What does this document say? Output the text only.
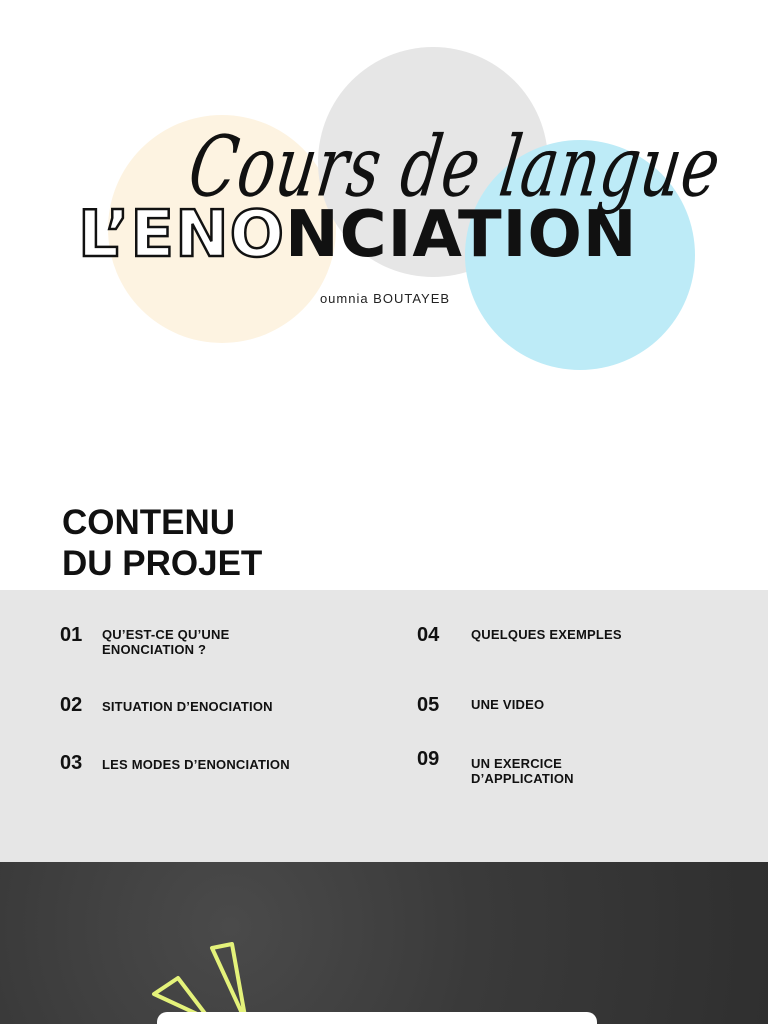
Cours de langue
L’ENONCIATION
oumnia BOUTAYEB
CONTENU
DU PROJET
01	QU’EST-CE QU’UNE
ENONCIATION ?
02	SITUATION D’ENOCIATION
03	LES MODES D’ENONCIATION
04	QUELQUES EXEMPLES
05	UNE VIDEO
09	UN EXERCICE
D’APPLICATION
